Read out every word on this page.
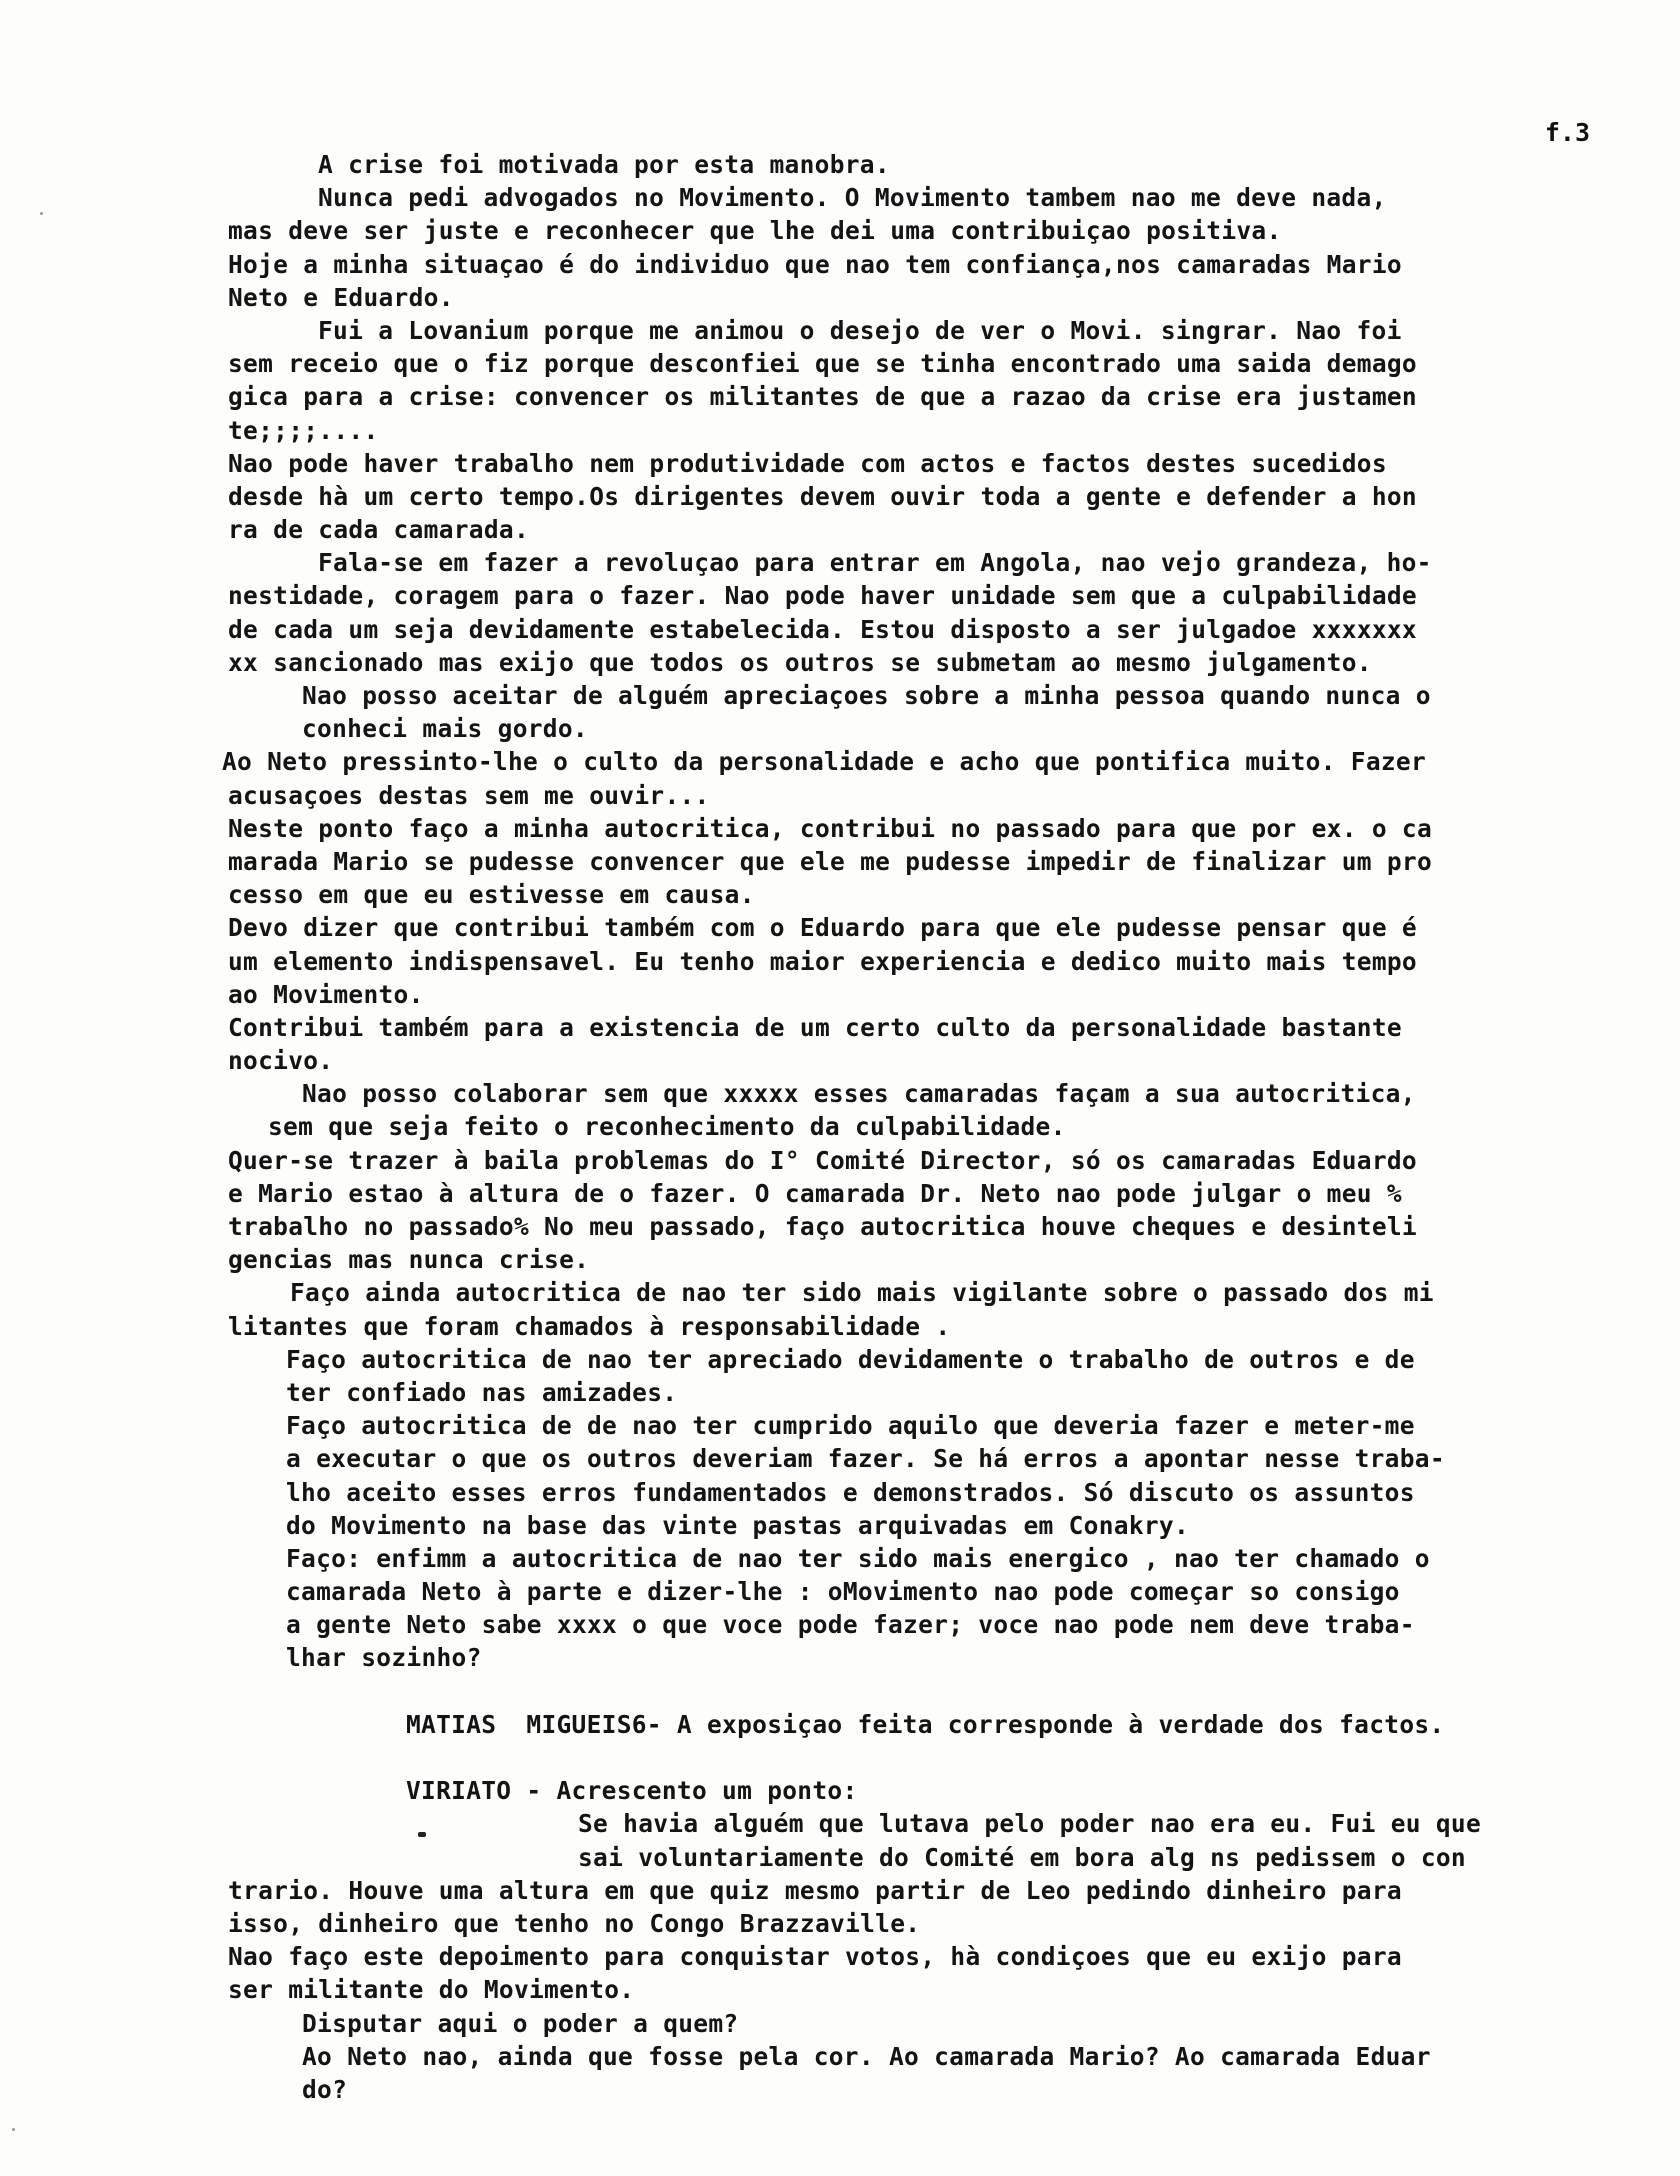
f.3
A crise foi motivada por esta manobra.
Nunca pedi advogados no Movimento. O Movimento tambem nao me deve nada,
mas deve ser juste e reconhecer que lhe dei uma contribuiçao positiva.
Hoje a minha situaçao é do individuo que nao tem confiança,nos camaradas Mario
Neto e Eduardo.
Fui a Lovanium porque me animou o desejo de ver o Movi. singrar. Nao foi
sem receio que o fiz porque desconfiei que se tinha encontrado uma saida demago
gica para a crise: convencer os militantes de que a razao da crise era justamen
te;;;;....
Nao pode haver trabalho nem produtividade com actos e factos destes sucedidos
desde hà um certo tempo.Os dirigentes devem ouvir toda a gente e defender a hon
ra de cada camarada.
Fala-se em fazer a revoluçao para entrar em Angola, nao vejo grandeza, ho-
nestidade, coragem para o fazer. Nao pode haver unidade sem que a culpabilidade
de cada um seja devidamente estabelecida. Estou disposto a ser julgadoe xxxxxxx
xx sancionado mas exijo que todos os outros se submetam ao mesmo julgamento.
Nao posso aceitar de alguém apreciaçoes sobre a minha pessoa quando nunca o
conheci mais gordo.
Ao Neto pressinto-lhe o culto da personalidade e acho que pontifica muito. Fazer
acusaçoes destas sem me ouvir...
Neste ponto faço a minha autocritica, contribui no passado para que por ex. o ca
marada Mario se pudesse convencer que ele me pudesse impedir de finalizar um pro
cesso em que eu estivesse em causa.
Devo dizer que contribui também com o Eduardo para que ele pudesse pensar que é
um elemento indispensavel. Eu tenho maior experiencia e dedico muito mais tempo
ao Movimento.
Contribui também para a existencia de um certo culto da personalidade bastante
nocivo.
Nao posso colaborar sem que xxxxx esses camaradas façam a sua autocritica,
sem que seja feito o reconhecimento da culpabilidade.
Quer-se trazer à baila problemas do I° Comité Director, só os camaradas Eduardo
e Mario estao à altura de o fazer. O camarada Dr. Neto nao pode julgar o meu %
trabalho no passado% No meu passado, faço autocritica houve cheques e desinteli
gencias mas nunca crise.
Faço ainda autocritica de nao ter sido mais vigilante sobre o passado dos mi
litantes que foram chamados à responsabilidade .
Faço autocritica de nao ter apreciado devidamente o trabalho de outros e de
ter confiado nas amizades.
Faço autocritica de de nao ter cumprido aquilo que deveria fazer e meter-me
a executar o que os outros deveriam fazer. Se há erros a apontar nesse traba-
lho aceito esses erros fundamentados e demonstrados. Só discuto os assuntos
do Movimento na base das vinte pastas arquivadas em Conakry.
Faço: enfimm a autocritica de nao ter sido mais energico , nao ter chamado o
camarada Neto à parte e dizer-lhe : oMovimento nao pode começar so consigo
a gente Neto sabe xxxx o que voce pode fazer; voce nao pode nem deve traba-
lhar sozinho?
MATIAS  MIGUEIS6- A exposiçao feita corresponde à verdade dos factos.
VIRIATO - Acrescento um ponto:
Se havia alguém que lutava pelo poder nao era eu. Fui eu que
sai voluntariamente do Comité em bora alg ns pedissem o con
trario. Houve uma altura em que quiz mesmo partir de Leo pedindo dinheiro para
isso, dinheiro que tenho no Congo Brazzaville.
Nao faço este depoimento para conquistar votos, hà condiçoes que eu exijo para
ser militante do Movimento.
Disputar aqui o poder a quem?
Ao Neto nao, ainda que fosse pela cor. Ao camarada Mario? Ao camarada Eduar
do?
